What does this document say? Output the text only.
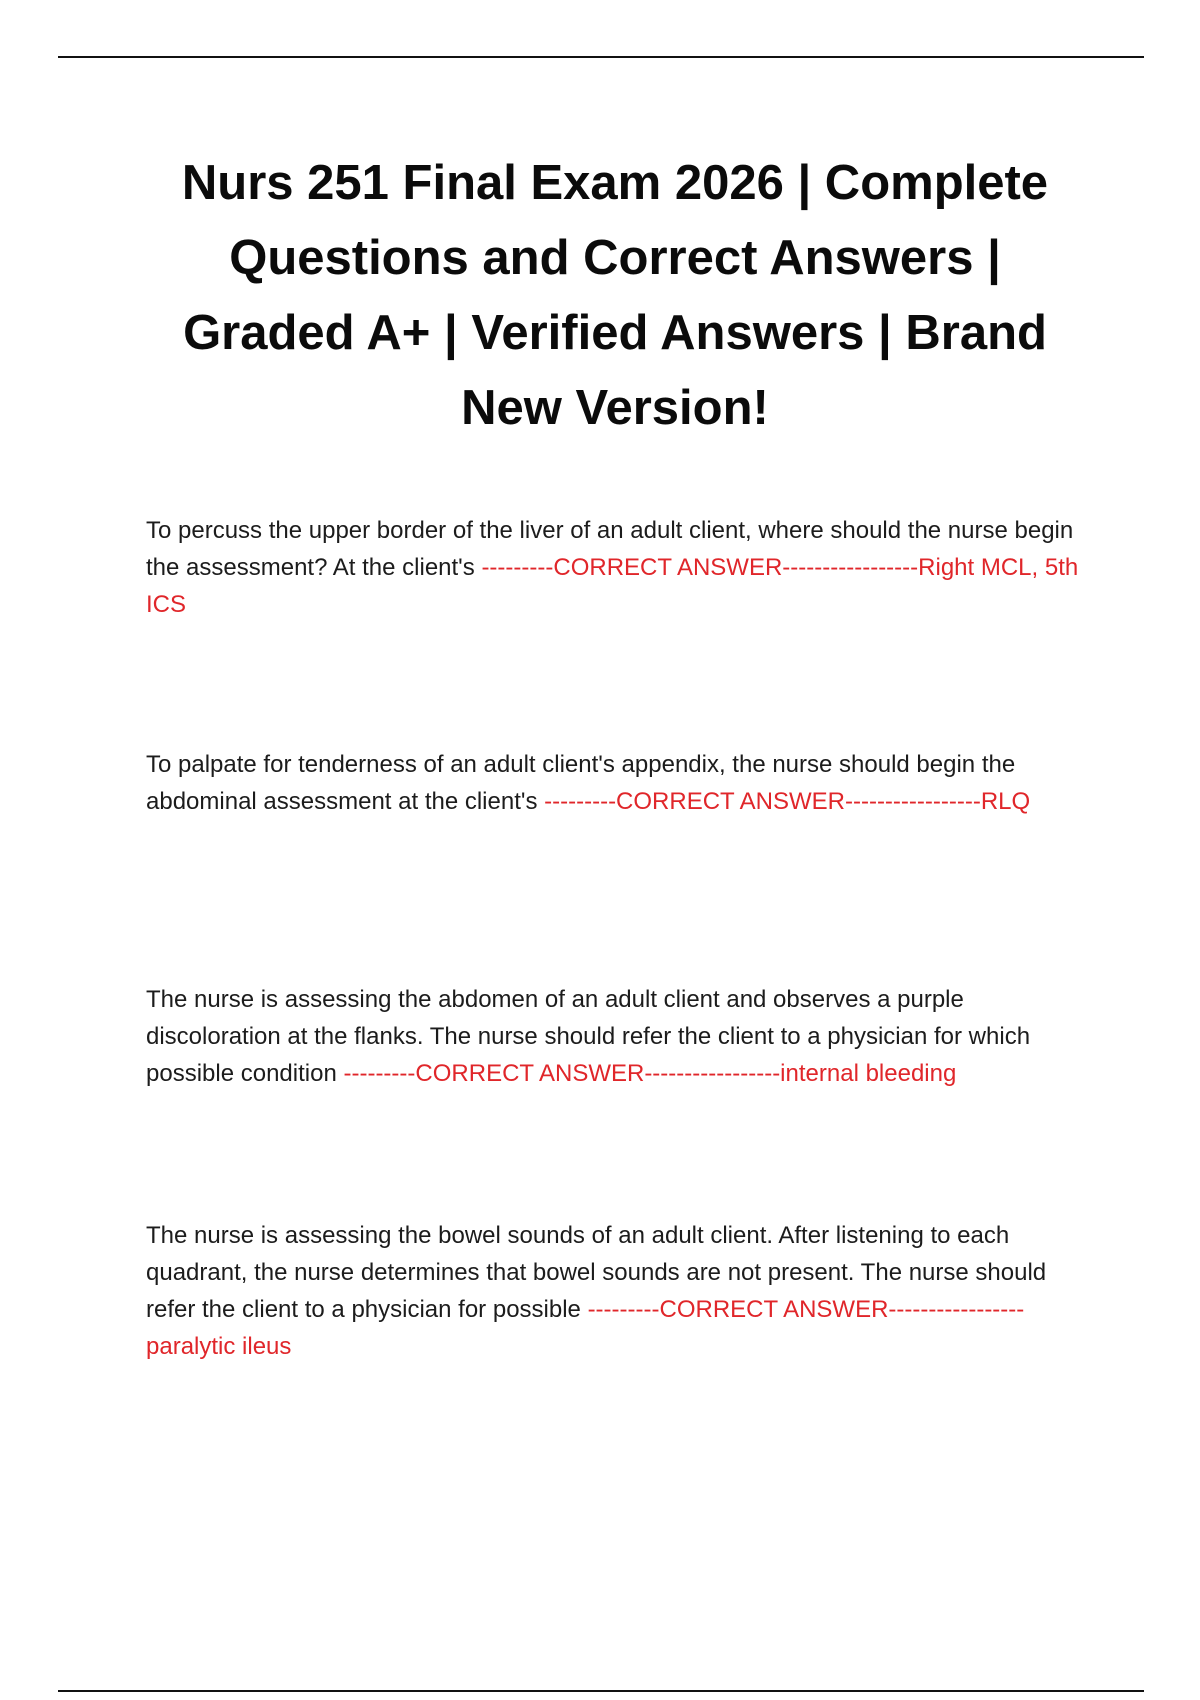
Nurs 251 Final Exam 2026 | Complete Questions and Correct Answers | Graded A+ | Verified Answers | Brand New Version!

To percuss the upper border of the liver of an adult client, where should the nurse begin the assessment? At the client's ---------CORRECT ANSWER-----------------Right MCL, 5th ICS

To palpate for tenderness of an adult client's appendix, the nurse should begin the abdominal assessment at the client's ---------CORRECT ANSWER-----------------RLQ

The nurse is assessing the abdomen of an adult client and observes a purple discoloration at the flanks. The nurse should refer the client to a physician for which possible condition ---------CORRECT ANSWER-----------------internal bleeding

The nurse is assessing the bowel sounds of an adult client. After listening to each quadrant, the nurse determines that bowel sounds are not present. The nurse should refer the client to a physician for possible ---------CORRECT ANSWER-----------------paralytic ileus
